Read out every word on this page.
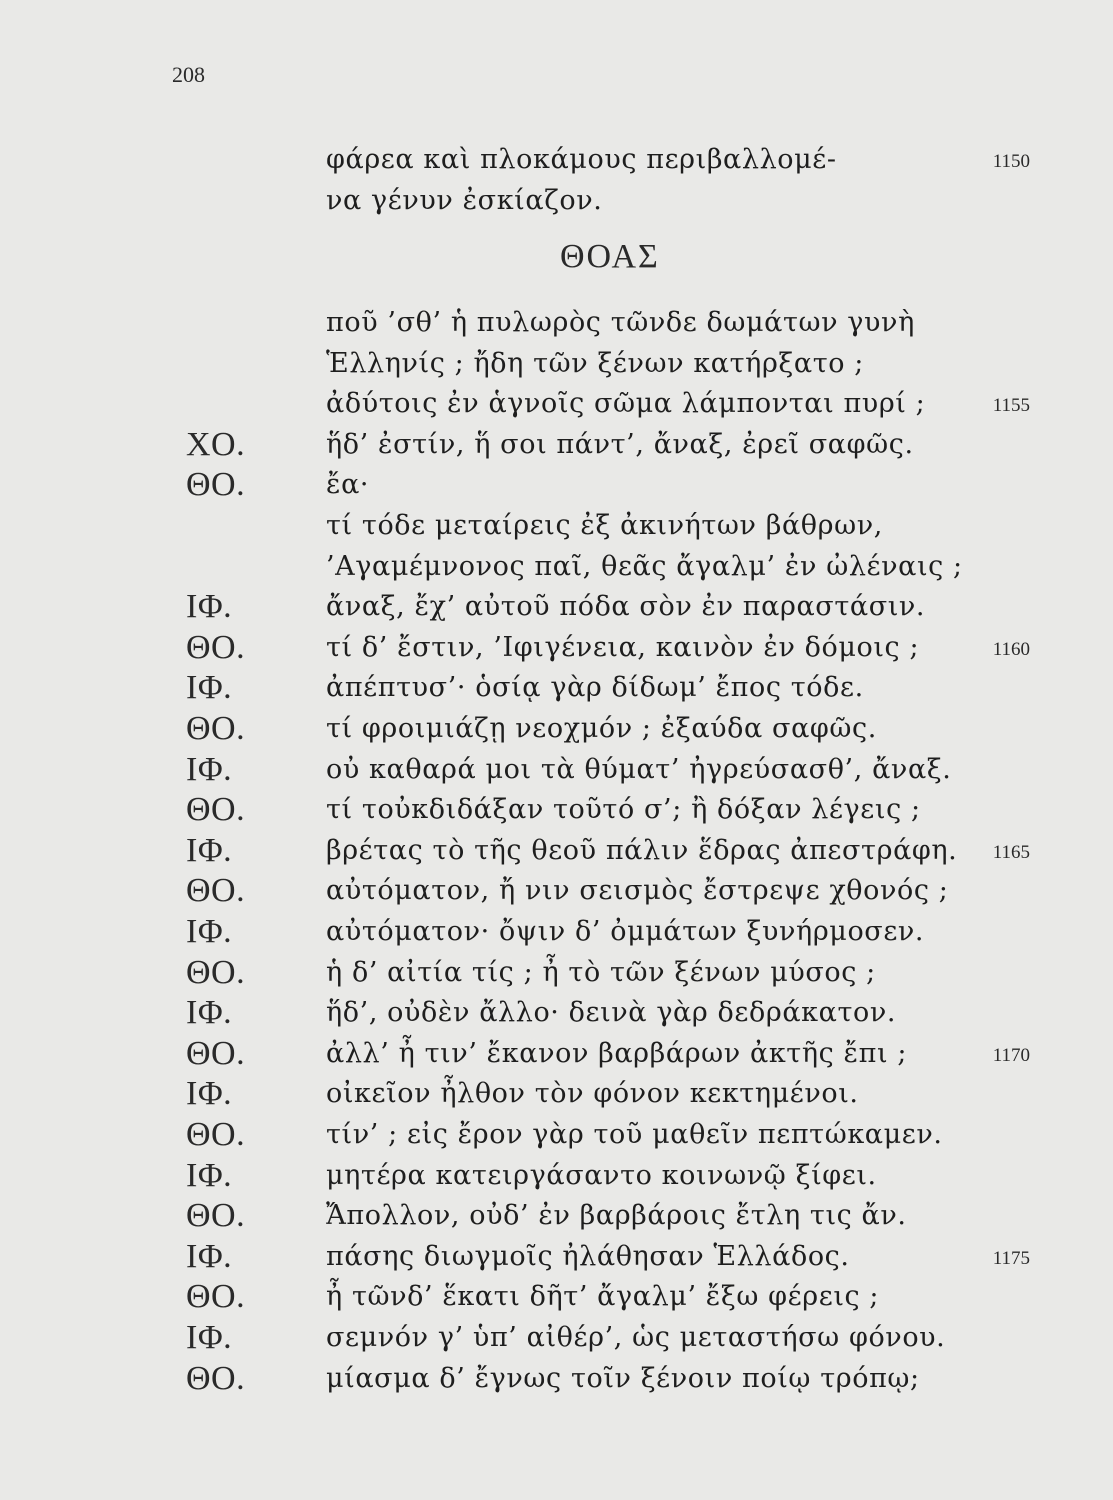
208
φάρεα καὶ πλοκάμους περιβαλλομέ-	1150
να γένυν ἐσκίαζον.
ΘΟΑΣ
ποῦ ’σθ’ ἡ πυλωρὸς τῶνδε δωμάτων γυνὴ
Ἑλληνίς ; ἤδη τῶν ξένων κατήρξατο ;
ἀδύτοις ἐν ἁγνοῖς σῶμα λάμπονται πυρί ;	1155
ΧΟ.	ἥδ’ ἐστίν, ἥ σοι πάντ’, ἄναξ, ἐρεῖ σαφῶς.
ΘΟ.	ἔα·
τί τόδε μεταίρεις ἐξ ἀκινήτων βάθρων,
’Αγαμέμνονος παῖ, θεᾶς ἄγαλμ’ ἐν ὠλέναις ;
ΙΦ.	ἄναξ, ἔχ’ αὐτοῦ πόδα σὸν ἐν παραστάσιν.
ΘΟ.	τί δ’ ἔστιν, ’Ιφιγένεια, καινὸν ἐν δόμοις ;	1160
ΙΦ.	ἀπέπτυσ’· ὁσίᾳ γὰρ δίδωμ’ ἔπος τόδε.
ΘΟ.	τί φροιμιάζῃ νεοχμόν ; ἐξαύδα σαφῶς.
ΙΦ.	οὐ καθαρά μοι τὰ θύματ’ ἠγρεύσασθ’, ἄναξ.
ΘΟ.	τί τοὐκδιδάξαν τοῦτό σ’; ἢ δόξαν λέγεις ;
ΙΦ.	βρέτας τὸ τῆς θεοῦ πάλιν ἕδρας ἀπεστράφη.	1165
ΘΟ.	αὐτόματον, ἤ νιν σεισμὸς ἔστρεψε χθονός ;
ΙΦ.	αὐτόματον· ὄψιν δ’ ὀμμάτων ξυνήρμοσεν.
ΘΟ.	ἡ δ’ αἰτία τίς ; ἦ τὸ τῶν ξένων μύσος ;
ΙΦ.	ἥδ’, οὐδὲν ἄλλο· δεινὰ γὰρ δεδράκατον.
ΘΟ.	ἀλλ’ ἦ τιν’ ἔκανον βαρβάρων ἀκτῆς ἔπι ;	1170
ΙΦ.	οἰκεῖον ἦλθον τὸν φόνον κεκτημένοι.
ΘΟ.	τίν’ ; εἰς ἔρον γὰρ τοῦ μαθεῖν πεπτώκαμεν.
ΙΦ.	μητέρα κατειργάσαντο κοινωνῷ ξίφει.
ΘΟ.	Ἄπολλον, οὐδ’ ἐν βαρβάροις ἔτλη τις ἄν.
ΙΦ.	πάσης διωγμοῖς ἠλάθησαν Ἑλλάδος.	1175
ΘΟ.	ἦ τῶνδ’ ἕκατι δῆτ’ ἄγαλμ’ ἔξω φέρεις ;
ΙΦ.	σεμνόν γ’ ὑπ’ αἰθέρ’, ὡς μεταστήσω φόνου.
ΘΟ.	μίασμα δ’ ἔγνως τοῖν ξένοιν ποίῳ τρόπῳ;
